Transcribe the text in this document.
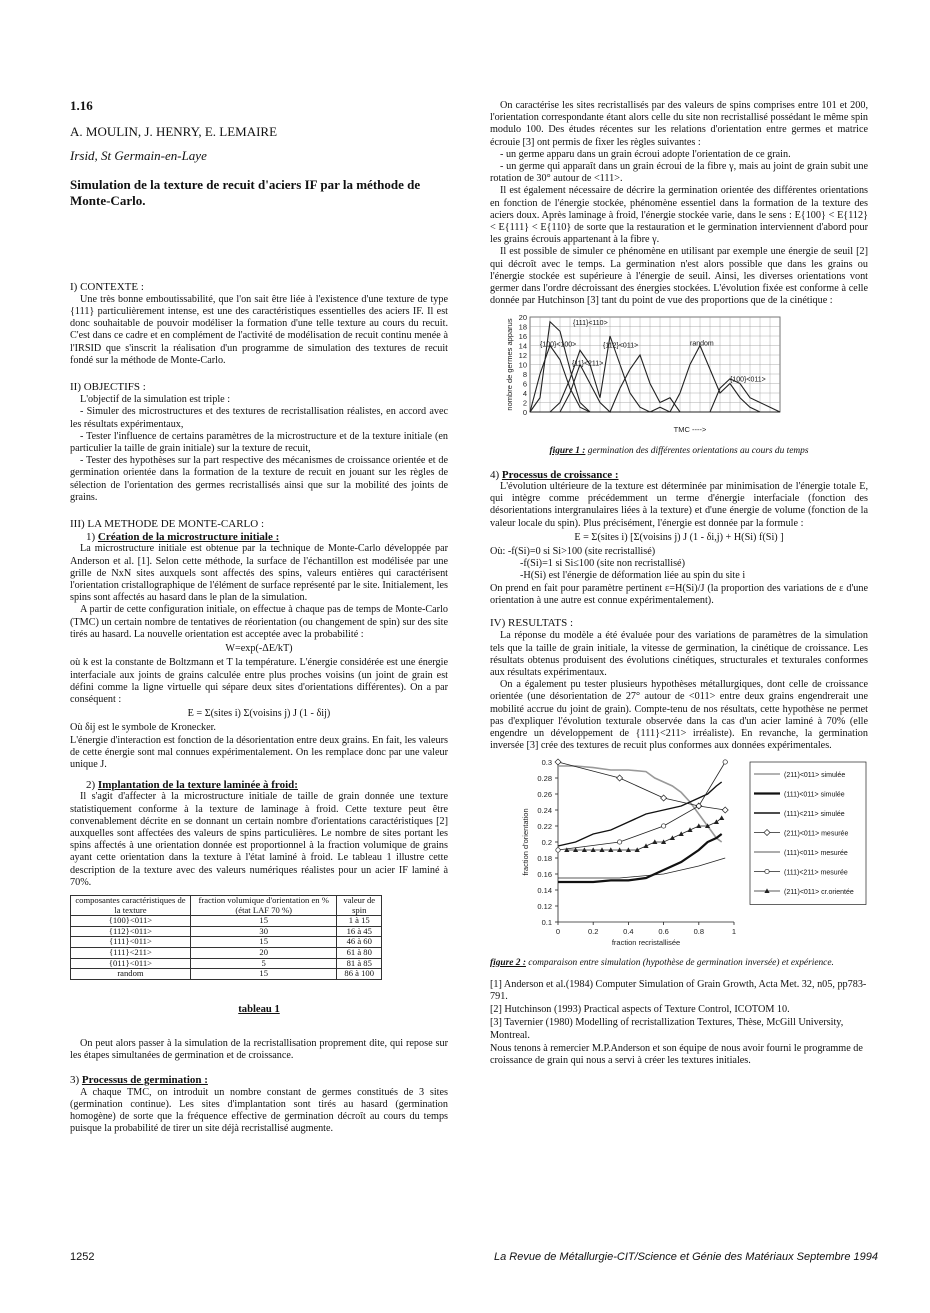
1.16

A. MOULIN, J. HENRY, E. LEMAIRE

Irsid, St Germain-en-Laye

Simulation de la texture de recuit d'aciers IF par la méthode de Monte-Carlo.

I) CONTEXTE :

Une très bonne emboutissabilité, que l'on sait être liée à l'existence d'une texture de type {111} particulièrement intense, est une des caractéristiques essentielles des aciers IF. Il est donc souhaitable de pouvoir modéliser la formation d'une telle texture au cours du recuit. C'est dans ce cadre et en complément de l'activité de modélisation de recuit continu menée à l'IRSID que s'inscrit la réalisation d'un programme de simulation des textures de recuit fondé sur la méthode de Monte-Carlo.

II) OBJECTIFS :

L'objectif de la simulation est triple :

- Simuler des microstructures et des textures de recristallisation réalistes, en accord avec les résultats expérimentaux,

- Tester l'influence de certains paramètres de la microstructure et de la texture initiale (en particulier la taille de grain initiale) sur la texture de recuit,

- Tester des hypothèses sur la part respective des mécanismes de croissance orientée et de germination orientée dans la formation de la texture de recuit en jouant sur les règles de sélection de l'orientation des germes recristallisés ainsi que sur la mobilité des joints de grains.

III) LA METHODE DE MONTE-CARLO :

1) Création de la microstructure initiale :

La microstructure initiale est obtenue par la technique de Monte-Carlo développée par Anderson et al. [1]. Selon cette méthode, la surface de l'échantillon est modélisée par une grille de NxN sites auxquels sont affectés des spins, valeurs entières qui caractérisent l'orientation cristallographique de l'élément de surface représenté par le site. Initialement, les spins sont affectés au hasard dans le plan de la simulation.

A partir de cette configuration initiale, on effectue à chaque pas de temps de Monte-Carlo (TMC) un certain nombre de tentatives de réorientation (ou changement de spin) sur des site tirés au hasard. La nouvelle orientation est acceptée avec la probabilité :

W=exp(-ΔE/kT)

où k est la constante de Boltzmann et T la température. L'énergie considérée est une énergie interfaciale aux joints de grains calculée entre plus proches voisins (un joint de grain est défini comme la ligne virtuelle qui sépare deux sites d'orientations différentes). On a par conséquent :

E = Σ(sites i) Σ(voisins j) J (1 - δij)

Où δij est le symbole de Kronecker.

L'énergie d'interaction est fonction de la désorientation entre deux grains. En fait, les valeurs de cette énergie sont mal connues expérimentalement. On les remplace donc par une valeur unique J.

2) Implantation de la texture laminée à froid:

Il s'agit d'affecter à la microstructure initiale de taille de grain donnée une texture statistiquement conforme à la texture de laminage à froid. Cette texture peut être convenablement décrite en se donnant un certain nombre d'orientations caractéristiques [2] auxquelles sont affectées des valeurs de spins particulières. Le nombre de sites portant les spins affectés à une orientation donnée est proportionnel à la fraction volumique de grains ayant cette orientation dans la texture à l'état laminé à froid. Le tableau 1 illustre cette description de la texture avec des valeurs numériques réalistes pour un acier IF laminé à 70%.

composantes caractéristiques de la texture	fraction volumique d'orientation en % (état LAF 70 %)	valeur de spin
{100}<011>	15	1 à 15
{112}<011>	30	16 à 45
{111}<011>	15	46 à 60
{111}<211>	20	61 à 80
{011}<011>	5	81 à 85
random	15	86 à 100

tableau 1

On peut alors passer à la simulation de la recristallisation proprement dite, qui repose sur les étapes simultanées de germination et de croissance.

3) Processus de germination :

A chaque TMC, on introduit un nombre constant de germes constitués de 3 sites (germination continue). Les sites d'implantation sont tirés au hasard (germination homogène) de sorte que la fréquence effective de germination décroît au cours du temps puisque la probabilité de tirer un site déjà recristallisé augmente.

On caractérise les sites recristallisés par des valeurs de spins comprises entre 101 et 200, l'orientation correspondante étant alors celle du site non recristallisé possédant le même spin modulo 100. Des études récentes sur les relations d'orientation entre germes et matrice écrouie [3] ont permis de fixer les règles suivantes :

- un germe apparu dans un grain écroui adopte l'orientation de ce grain.

- un germe qui apparaît dans un grain écroui de la fibre γ, mais au joint de grain subit une rotation de 30° autour de <111>.

Il est également nécessaire de décrire la germination orientée des différentes orientations en fonction de l'énergie stockée, phénomène essentiel dans la formation de la texture des aciers doux. Après laminage à froid, l'énergie stockée varie, dans le sens : E{100} < E{112} < E{111} < E{110} de sorte que la restauration et le germination interviennent d'abord pour les grains écrouis appartenant à la fibre γ.

Il est possible de simuler ce phénomène en utilisant par exemple une énergie de seuil [2] qui décroît avec le temps. La germination n'est alors possible que dans les grains ou l'énergie stockée est supérieure à l'énergie de seuil. Ainsi, les diverses orientations vont germer dans l'ordre décroissant des énergies stockées. L'évolution fixée est conforme à celle donnée par Hutchinson [3] tant du point de vue des proportions que de la cinétique :

0
2
4
6
8
10
12
14
16
18
20
nombre de germes apparus
TMC ---->
{111}<110>
{100}<100>	{112}<011>
{11}<211>
random
{100}<011>

figure 1 : germination des différentes orientations au cours du temps

4) Processus de croissance :

L'évolution ultérieure de la texture est déterminée par minimisation de l'énergie totale E, qui intègre comme précédemment un terme d'énergie interfaciale (fonction des désorientations intergranulaires liées à la texture) et d'une énergie de volume (fonction de la valeur locale du spin). Plus précisément, l'énergie est donnée par la formule :

E = Σ(sites i) [Σ(voisins j) J (1 - δi,j) + H(Si) f(Si) ]

Où: -f(Si)=0 si Si>100 (site recristallisé)

-f(Si)=1 si Si≤100 (site non recristallisé)

-H(Si) est l'énergie de déformation liée au spin du site i

On prend en fait pour paramètre pertinent ε=H(Si)/J (la proportion des variations de ε d'une orientation à une autre est connue expérimentalement).

IV) RESULTATS :

La réponse du modèle a été évaluée pour des variations de paramètres de la simulation tels que la taille de grain initiale, la vitesse de germination, la cinétique de croissance. Les résultats obtenus produisent des évolutions cinétiques, structurales et texturales conformes aux résultats expérimentaux.

On a également pu tester plusieurs hypothèses métallurgiques, dont celle de croissance orientée (une désorientation de 27° autour de <011> entre deux grains engendrerait une mobilité accrue du joint de grain). Compte-tenu de nos résultats, cette hypothèse ne permet pas d'expliquer l'évolution texturale observée dans la cas d'un acier laminé à 70% (elle engendre un développement de {111}<211> irréaliste). En revanche, la germination inversée [3] crée des textures de recuit plus conformes aux données expérimentales.

0.1
0.12
0.14
0.16
0.18
0.2
0.22
0.24
0.26
0.28
0.3
0	0.2	0.4	0.6	0.8	1
fraction d'orientation
fraction recristallisée
(211)<011> simulée
(111)<011> simulée
(111)<211> simulée
(211)<011> mesurée
(111)<011> mesurée
(111)<211> mesurée
(211)<011> cr.orientée

figure 2 : comparaison entre simulation (hypothèse de germination inversée) et expérience.

[1] Anderson et al.(1984) Computer Simulation of Grain Growth, Acta Met. 32, n05, pp783-791.

[2] Hutchinson (1993) Practical aspects of Texture Control, ICOTOM 10.

[3] Tavernier (1980) Modelling of recristallization Textures, Thèse, McGill University, Montreal.

Nous tenons à remercier M.P.Anderson et son équipe de nous avoir fourni le programme de croissance de grain qui nous a servi à créer les textures initiales.

1252	La Revue de Métallurgie-CIT/Science et Génie des Matériaux Septembre 1994
